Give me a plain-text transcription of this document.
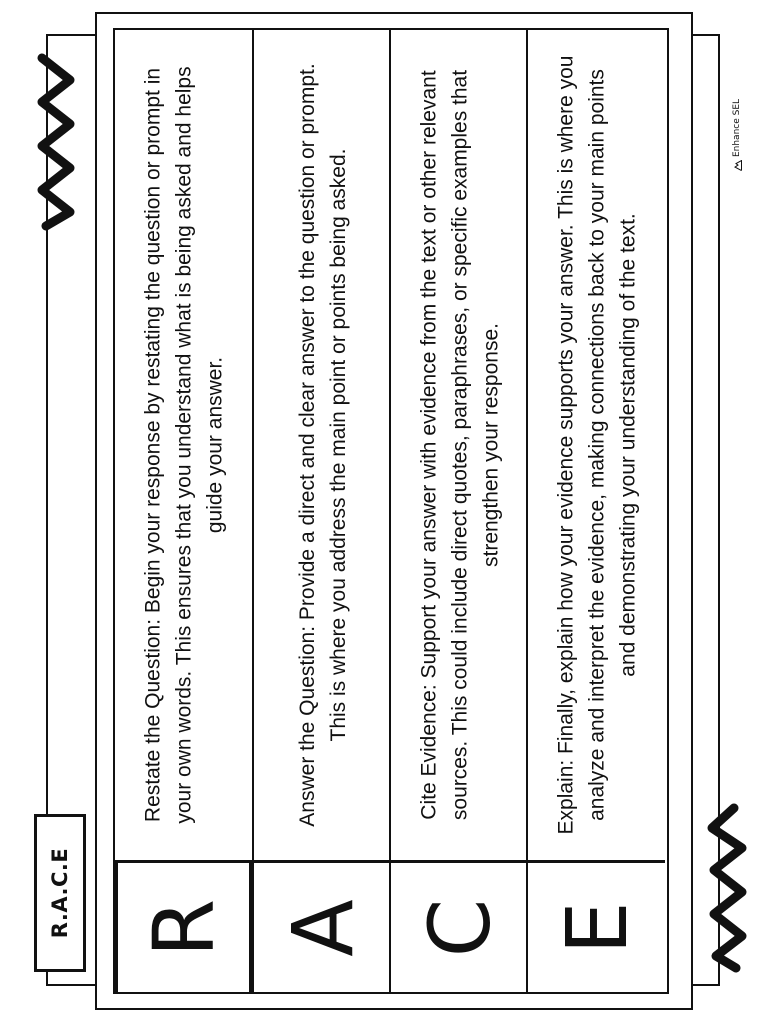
R.A.C.E
Restate the Question: Begin your response by restating the question or prompt in your own words. This ensures that you understand what is being asked and helps guide your answer.
R
Answer the Question: Provide a direct and clear answer to the question or prompt. This is where you address the main point or points being asked.
A
Cite Evidence: Support your answer with evidence from the text or other relevant sources. This could include direct quotes, paraphrases, or specific examples that strengthen your response.
C
Explain: Finally, explain how your evidence supports your answer. This is where you analyze and interpret the evidence, making connections back to your main points and demonstrating your understanding of the text.
E
Enhance SEL
